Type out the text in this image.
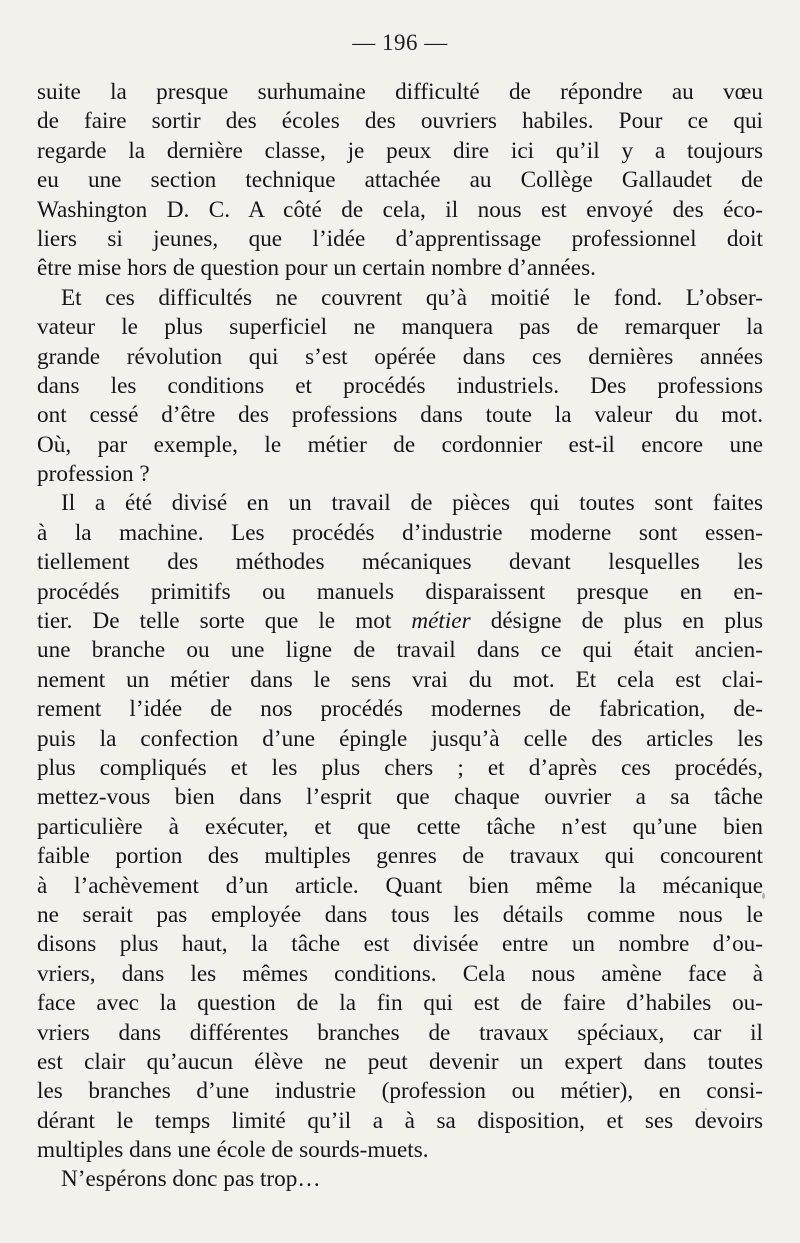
— 196 —
suite la presque surhumaine difficulté de répondre au vœu
de faire sortir des écoles des ouvriers habiles. Pour ce qui
regarde la dernière classe, je peux dire ici qu’il y a toujours
eu une section technique attachée au Collège Gallaudet de
Washington D. C. A côté de cela, il nous est envoyé des éco-
liers si jeunes, que l’idée d’apprentissage professionnel doit
être mise hors de question pour un certain nombre d’années.
Et ces difficultés ne couvrent qu’à moitié le fond. L’obser-
vateur le plus superficiel ne manquera pas de remarquer la
grande révolution qui s’est opérée dans ces dernières années
dans les conditions et procédés industriels. Des professions
ont cessé d’être des professions dans toute la valeur du mot.
Où, par exemple, le métier de cordonnier est-il encore une
profession ?
Il a été divisé en un travail de pièces qui toutes sont faites
à la machine. Les procédés d’industrie moderne sont essen-
tiellement des méthodes mécaniques devant lesquelles les
procédés primitifs ou manuels disparaissent presque en en-
tier. De telle sorte que le mot métier désigne de plus en plus
une branche ou une ligne de travail dans ce qui était ancien-
nement un métier dans le sens vrai du mot. Et cela est clai-
rement l’idée de nos procédés modernes de fabrication, de-
puis la confection d’une épingle jusqu’à celle des articles les
plus compliqués et les plus chers ; et d’après ces procédés,
mettez-vous bien dans l’esprit que chaque ouvrier a sa tâche
particulière à exécuter, et que cette tâche n’est qu’une bien
faible portion des multiples genres de travaux qui concourent
à l’achèvement d’un article. Quant bien même la mécanique
ne serait pas employée dans tous les détails comme nous le
disons plus haut, la tâche est divisée entre un nombre d’ou-
vriers, dans les mêmes conditions. Cela nous amène face à
face avec la question de la fin qui est de faire d’habiles ou-
vriers dans différentes branches de travaux spéciaux, car il
est clair qu’aucun élève ne peut devenir un expert dans toutes
les branches d’une industrie (profession ou métier), en consi-
dérant le temps limité qu’il a à sa disposition, et ses devoirs
multiples dans une école de sourds-muets.
N’espérons donc pas trop…
